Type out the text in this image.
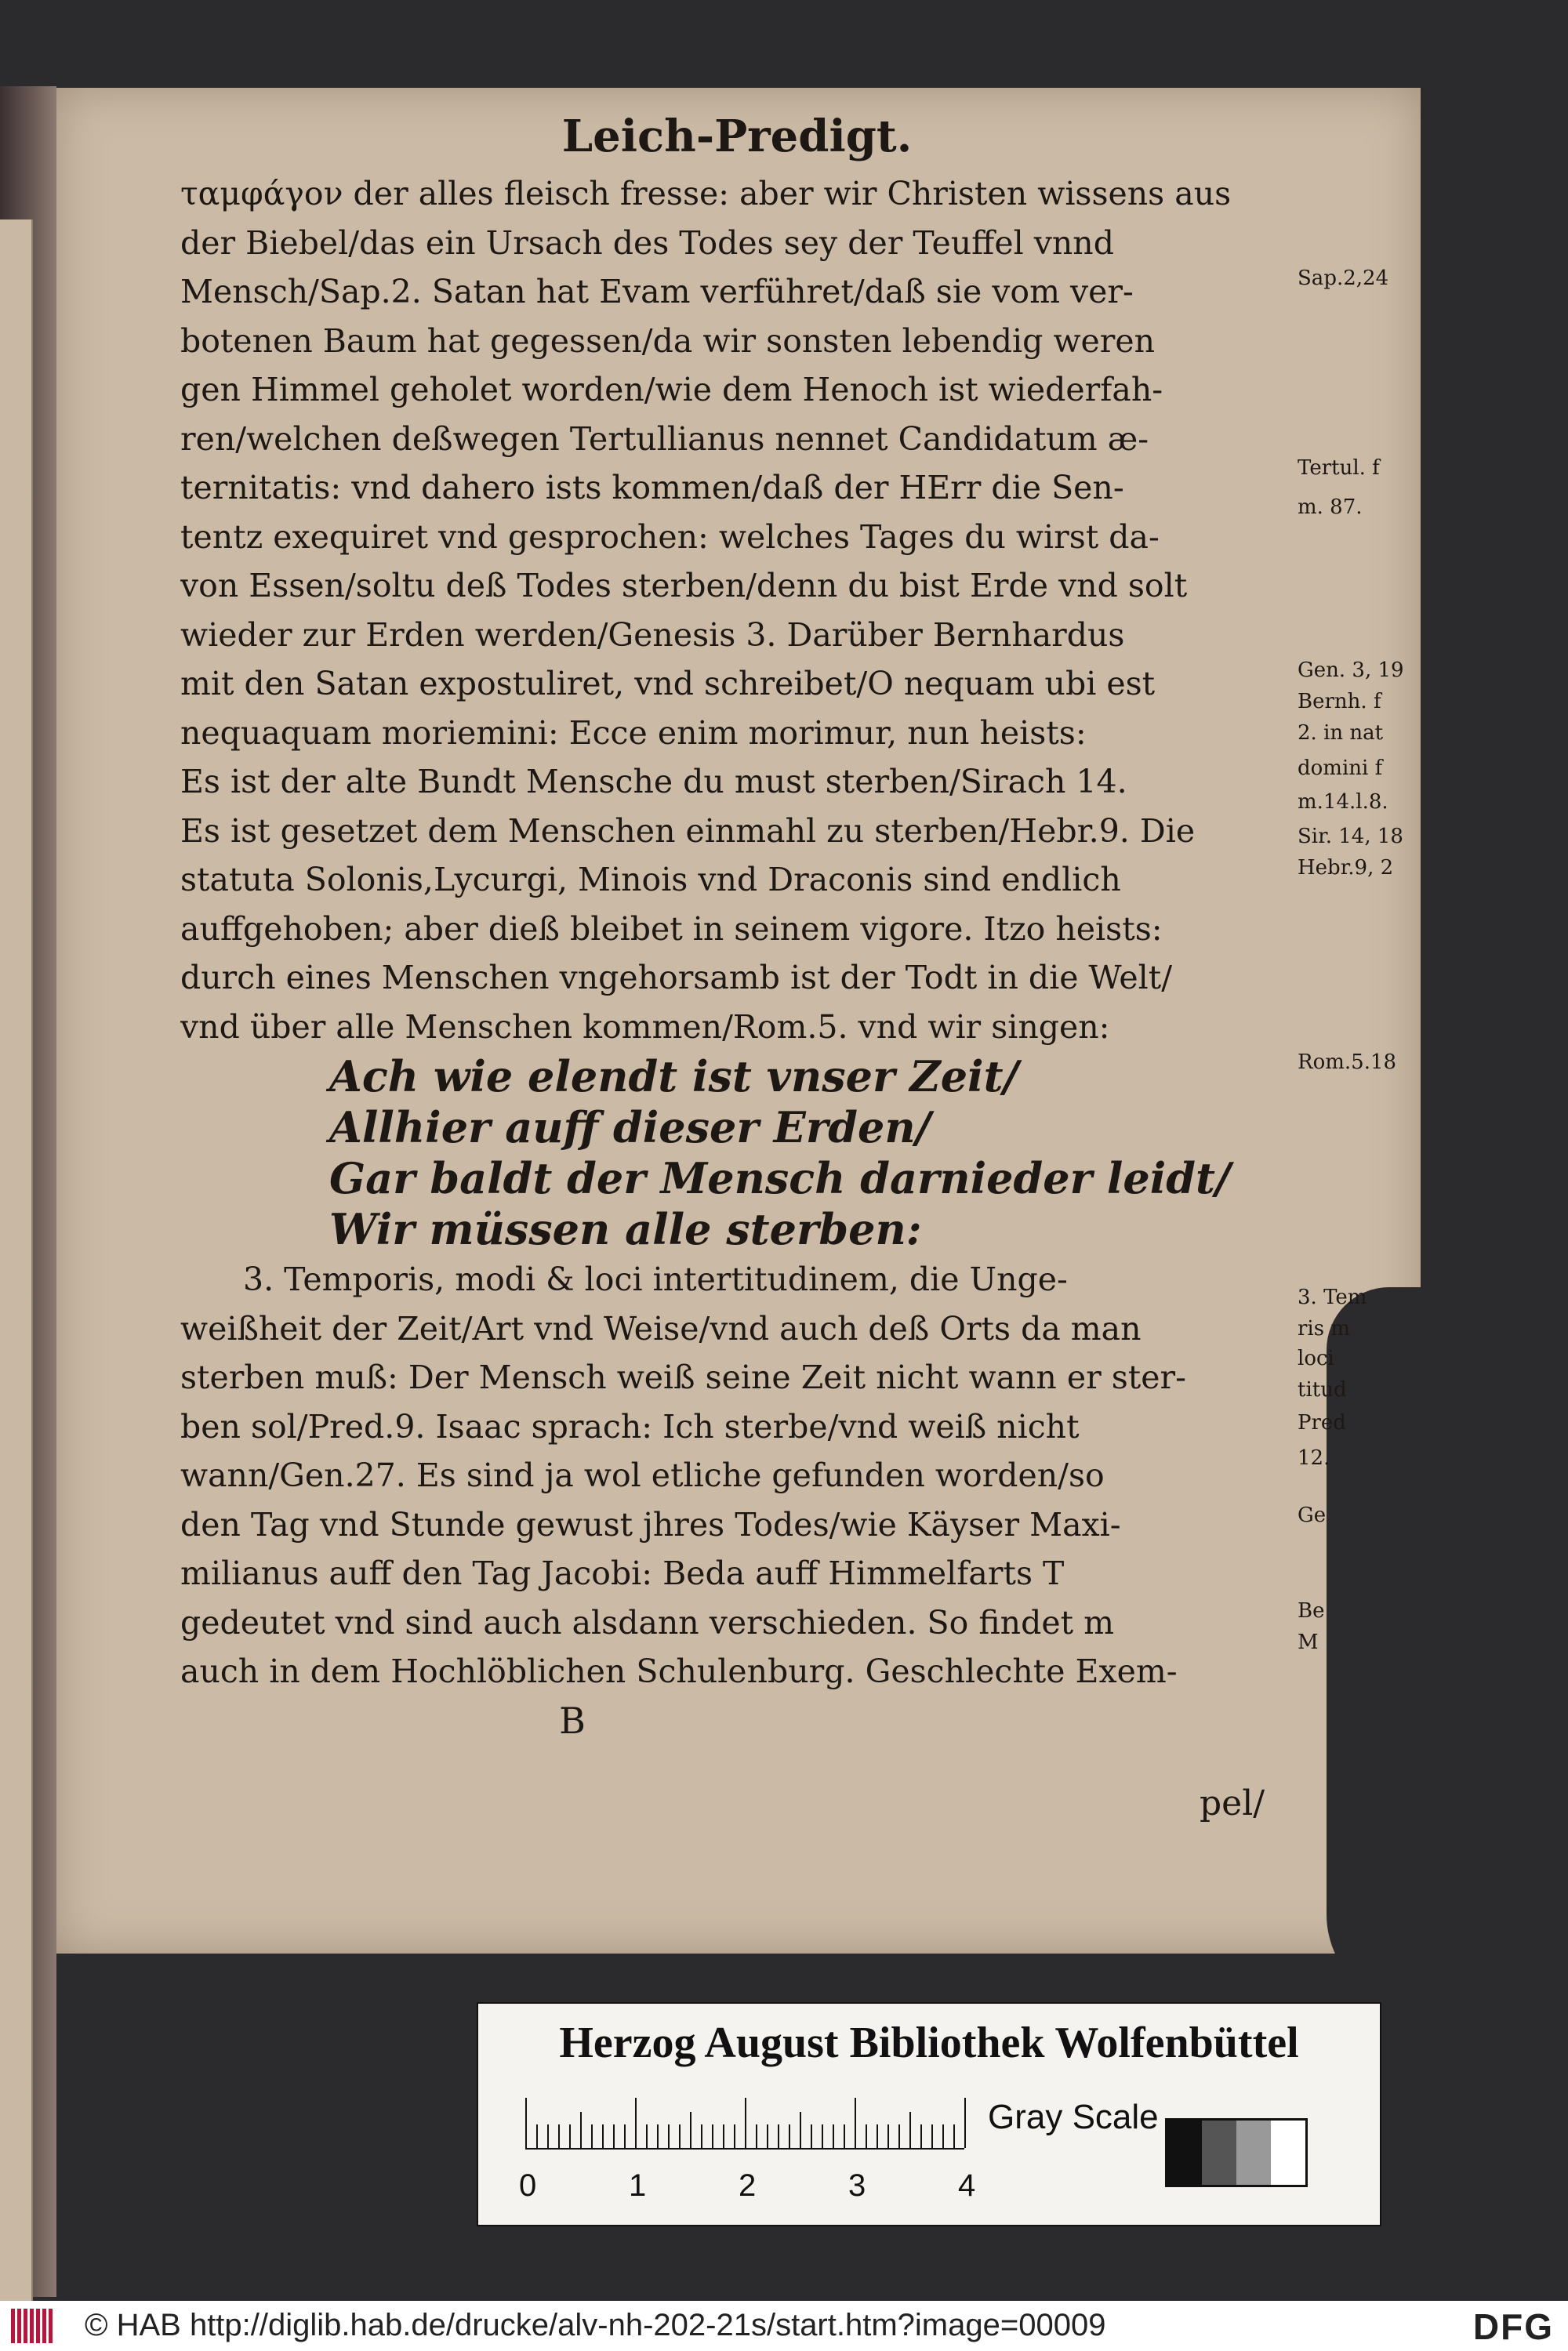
Leich-Predigt.
ταμφάγον der alles fleisch fresse: aber wir Christen wissens aus
der Biebel/das ein Ursach des Todes sey der Teuffel vnnd
Mensch/Sap.2. Satan hat Evam verführet/daß sie vom ver-
botenen Baum hat gegessen/da wir sonsten lebendig weren
gen Himmel geholet worden/wie dem Henoch ist wiederfah-
ren/welchen deßwegen Tertullianus nennet Candidatum æ-
ternitatis: vnd dahero ists kommen/daß der HErr die Sen-
tentz exequiret vnd gesprochen: welches Tages du wirst da-
von Essen/soltu deß Todes sterben/denn du bist Erde vnd solt
wieder zur Erden werden/Genesis 3. Darüber Bernhardus
mit den Satan expostuliret, vnd schreibet/O nequam ubi est
nequaquam moriemini: Ecce enim morimur, nun heists:
Es ist der alte Bundt Mensche du must sterben/Sirach 14.
Es ist gesetzet dem Menschen einmahl zu sterben/Hebr.9. Die
statuta Solonis,Lycurgi, Minois vnd Draconis sind endlich
auffgehoben; aber dieß bleibet in seinem vigore. Itzo heists:
durch eines Menschen vngehorsamb ist der Todt in die Welt/
vnd über alle Menschen kommen/Rom.5. vnd wir singen:
Ach wie elendt ist vnser Zeit/
Allhier auff dieser Erden/
Gar baldt der Mensch darnieder leidt/
Wir müssen alle sterben:
3. Temporis, modi & loci intertitudinem, die Unge-
weißheit der Zeit/Art vnd Weise/vnd auch deß Orts da man
sterben muß: Der Mensch weiß seine Zeit nicht wann er ster-
ben sol/Pred.9. Isaac sprach: Ich sterbe/vnd weiß nicht
wann/Gen.27. Es sind ja wol etliche gefunden worden/so
den Tag vnd Stunde gewust jhres Todes/wie Käyser Maxi-
milianus auff den Tag Jacobi: Beda auff Himmelfarts T
gedeutet vnd sind auch alsdann verschieden. So findet m
auch in dem Hochlöblichen Schulenburg. Geschlechte Exem-
B
pel/
Sap.2,24
Tertul. f
m. 87.
Gen. 3, 19
Bernh. f
2. in nat
domini f
m.14.l.8.
Sir. 14, 18
Hebr.9, 2
Rom.5.18
3. Tem
ris m
loci
titud
Pred
12.
Ge
Be
M
Herzog August Bibliothek Wolfenbüttel
Gray Scale
0	1	2	3	4
© HAB http://diglib.hab.de/drucke/alv-nh-202-21s/start.htm?image=00009	DFG
